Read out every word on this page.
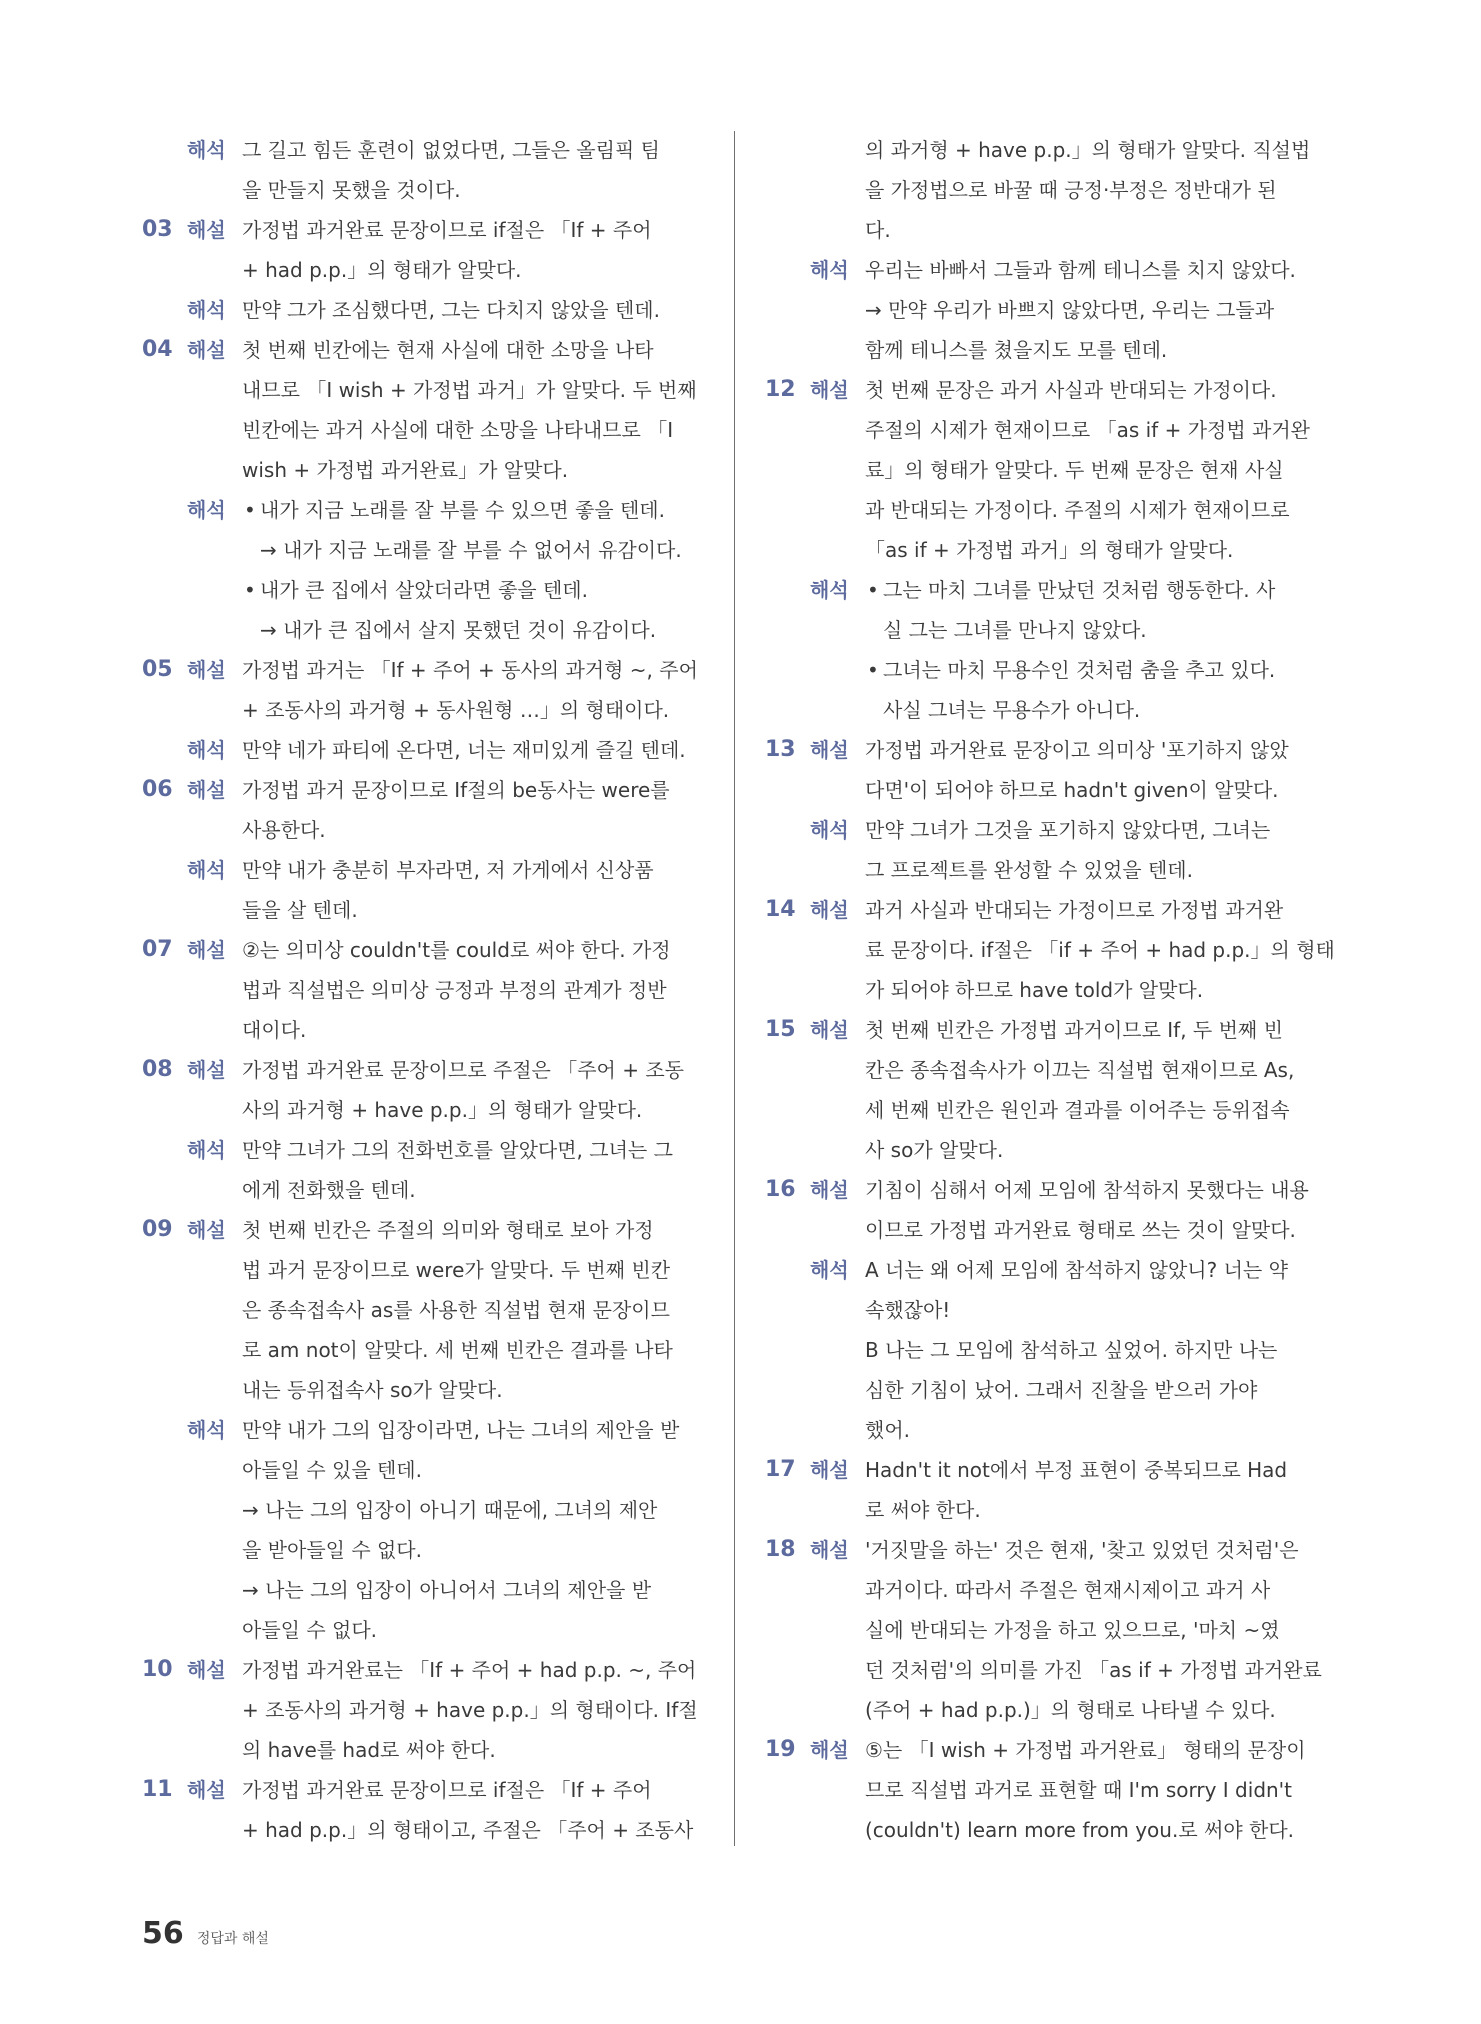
해석 그 길고 힘든 훈련이 없었다면, 그들은 올림픽 팀
을 만들지 못했을 것이다.
03 해설 가정법 과거완료 문장이므로 if절은 「If + 주어
+ had p.p.」의 형태가 알맞다.
해석 만약 그가 조심했다면, 그는 다치지 않았을 텐데.
04 해설 첫 번째 빈칸에는 현재 사실에 대한 소망을 나타
내므로 「I wish + 가정법 과거」가 알맞다. 두 번째
빈칸에는 과거 사실에 대한 소망을 나타내므로 「I
wish + 가정법 과거완료」가 알맞다.
해석 • 내가 지금 노래를 잘 부를 수 있으면 좋을 텐데.
→ 내가 지금 노래를 잘 부를 수 없어서 유감이다.
• 내가 큰 집에서 살았더라면 좋을 텐데.
→ 내가 큰 집에서 살지 못했던 것이 유감이다.
05 해설 가정법 과거는 「If + 주어 + 동사의 과거형 ~, 주어
+ 조동사의 과거형 + 동사원형 …」의 형태이다.
해석 만약 네가 파티에 온다면, 너는 재미있게 즐길 텐데.
06 해설 가정법 과거 문장이므로 If절의 be동사는 were를
사용한다.
해석 만약 내가 충분히 부자라면, 저 가게에서 신상품
들을 살 텐데.
07 해설 ②는 의미상 couldn't를 could로 써야 한다. 가정
법과 직설법은 의미상 긍정과 부정의 관계가 정반
대이다.
08 해설 가정법 과거완료 문장이므로 주절은 「주어 + 조동
사의 과거형 + have p.p.」의 형태가 알맞다.
해석 만약 그녀가 그의 전화번호를 알았다면, 그녀는 그
에게 전화했을 텐데.
09 해설 첫 번째 빈칸은 주절의 의미와 형태로 보아 가정
법 과거 문장이므로 were가 알맞다. 두 번째 빈칸
은 종속접속사 as를 사용한 직설법 현재 문장이므
로 am not이 알맞다. 세 번째 빈칸은 결과를 나타
내는 등위접속사 so가 알맞다.
해석 만약 내가 그의 입장이라면, 나는 그녀의 제안을 받
아들일 수 있을 텐데.
→ 나는 그의 입장이 아니기 때문에, 그녀의 제안
을 받아들일 수 없다.
→ 나는 그의 입장이 아니어서 그녀의 제안을 받
아들일 수 없다.
10 해설 가정법 과거완료는 「If + 주어 + had p.p. ~, 주어
+ 조동사의 과거형 + have p.p.」의 형태이다. If절
의 have를 had로 써야 한다.
11 해설 가정법 과거완료 문장이므로 if절은 「If + 주어
+ had p.p.」의 형태이고, 주절은 「주어 + 조동사
의 과거형 + have p.p.」의 형태가 알맞다. 직설법
을 가정법으로 바꿀 때 긍정·부정은 정반대가 된
다.
해석 우리는 바빠서 그들과 함께 테니스를 치지 않았다.
→ 만약 우리가 바쁘지 않았다면, 우리는 그들과
함께 테니스를 쳤을지도 모를 텐데.
12 해설 첫 번째 문장은 과거 사실과 반대되는 가정이다.
주절의 시제가 현재이므로 「as if + 가정법 과거완
료」의 형태가 알맞다. 두 번째 문장은 현재 사실
과 반대되는 가정이다. 주절의 시제가 현재이므로
「as if + 가정법 과거」의 형태가 알맞다.
해석 • 그는 마치 그녀를 만났던 것처럼 행동한다. 사
실 그는 그녀를 만나지 않았다.
• 그녀는 마치 무용수인 것처럼 춤을 추고 있다.
사실 그녀는 무용수가 아니다.
13 해설 가정법 과거완료 문장이고 의미상 '포기하지 않았
다면'이 되어야 하므로 hadn't given이 알맞다.
해석 만약 그녀가 그것을 포기하지 않았다면, 그녀는
그 프로젝트를 완성할 수 있었을 텐데.
14 해설 과거 사실과 반대되는 가정이므로 가정법 과거완
료 문장이다. if절은 「if + 주어 + had p.p.」의 형태
가 되어야 하므로 have told가 알맞다.
15 해설 첫 번째 빈칸은 가정법 과거이므로 If, 두 번째 빈
칸은 종속접속사가 이끄는 직설법 현재이므로 As,
세 번째 빈칸은 원인과 결과를 이어주는 등위접속
사 so가 알맞다.
16 해설 기침이 심해서 어제 모임에 참석하지 못했다는 내용
이므로 가정법 과거완료 형태로 쓰는 것이 알맞다.
해석 A 너는 왜 어제 모임에 참석하지 않았니? 너는 약
속했잖아!
B 나는 그 모임에 참석하고 싶었어. 하지만 나는
심한 기침이 났어. 그래서 진찰을 받으러 가야
했어.
17 해설 Hadn't it not에서 부정 표현이 중복되므로 Had
로 써야 한다.
18 해설 '거짓말을 하는' 것은 현재, '찾고 있었던 것처럼'은
과거이다. 따라서 주절은 현재시제이고 과거 사
실에 반대되는 가정을 하고 있으므로, '마치 ~였
던 것처럼'의 의미를 가진 「as if + 가정법 과거완료
(주어 + had p.p.)」의 형태로 나타낼 수 있다.
19 해설 ⑤는 「I wish + 가정법 과거완료」 형태의 문장이
므로 직설법 과거로 표현할 때 I'm sorry I didn't
(couldn't) learn more from you.로 써야 한다.
56 정답과 해설
